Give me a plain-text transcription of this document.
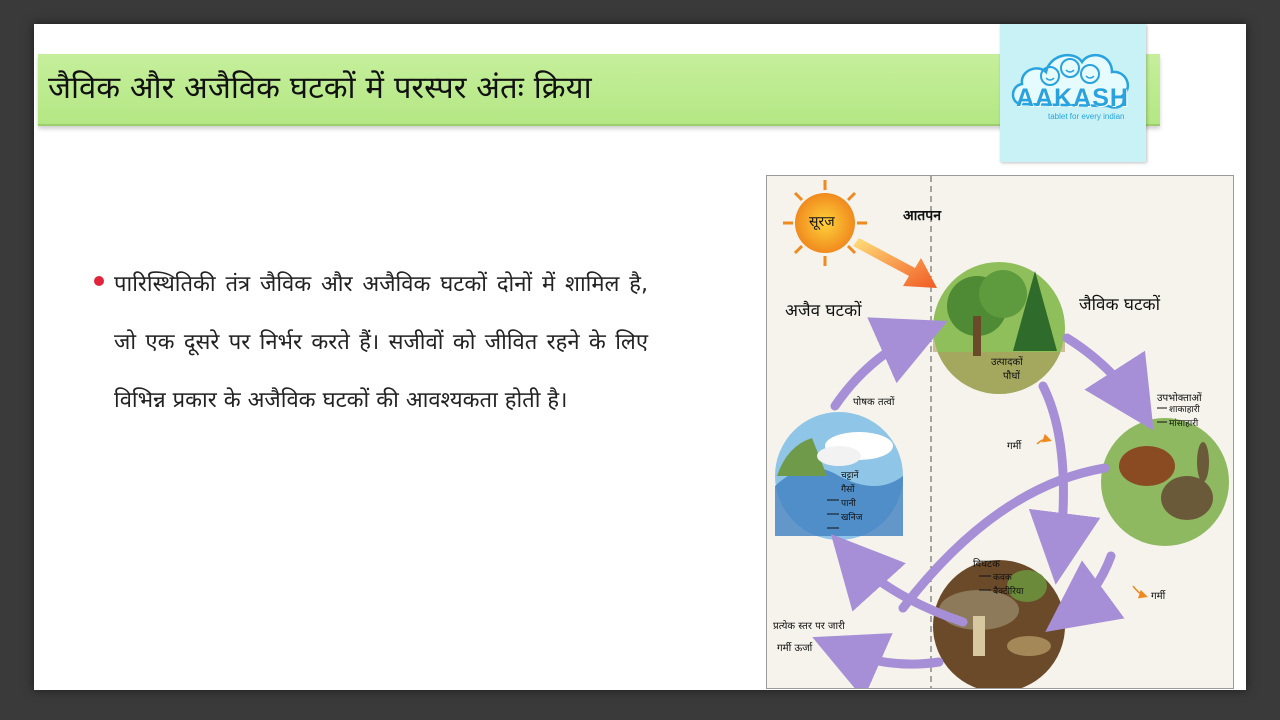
जैविक और अजैविक घटकों में परस्पर अंतः क्रिया	AAKASH
tablet for every indian
पारिस्थितिकी तंत्र जैविक और अजैविक घटकों दोनों में शामिल है, जो एक दूसरे पर निर्भर करते हैं। सजीवों को जीवित रहने के लिए विभिन्न प्रकार के अजैविक घटकों की आवश्यकता होती है।
सूरज	आतपन
अजैव घटकों	जैविक घटकों
उत्पादकों
पौधों
पोषक तत्वों
चट्टानें
गैसों
पानी
खनिज
उपभोक्ताओं
शाकाहारी
मांसाहारी
गर्मी
गर्मी
विघटक
कवक
बैक्टीरिया
प्रत्येक स्तर पर जारी
गर्मी ऊर्जा
